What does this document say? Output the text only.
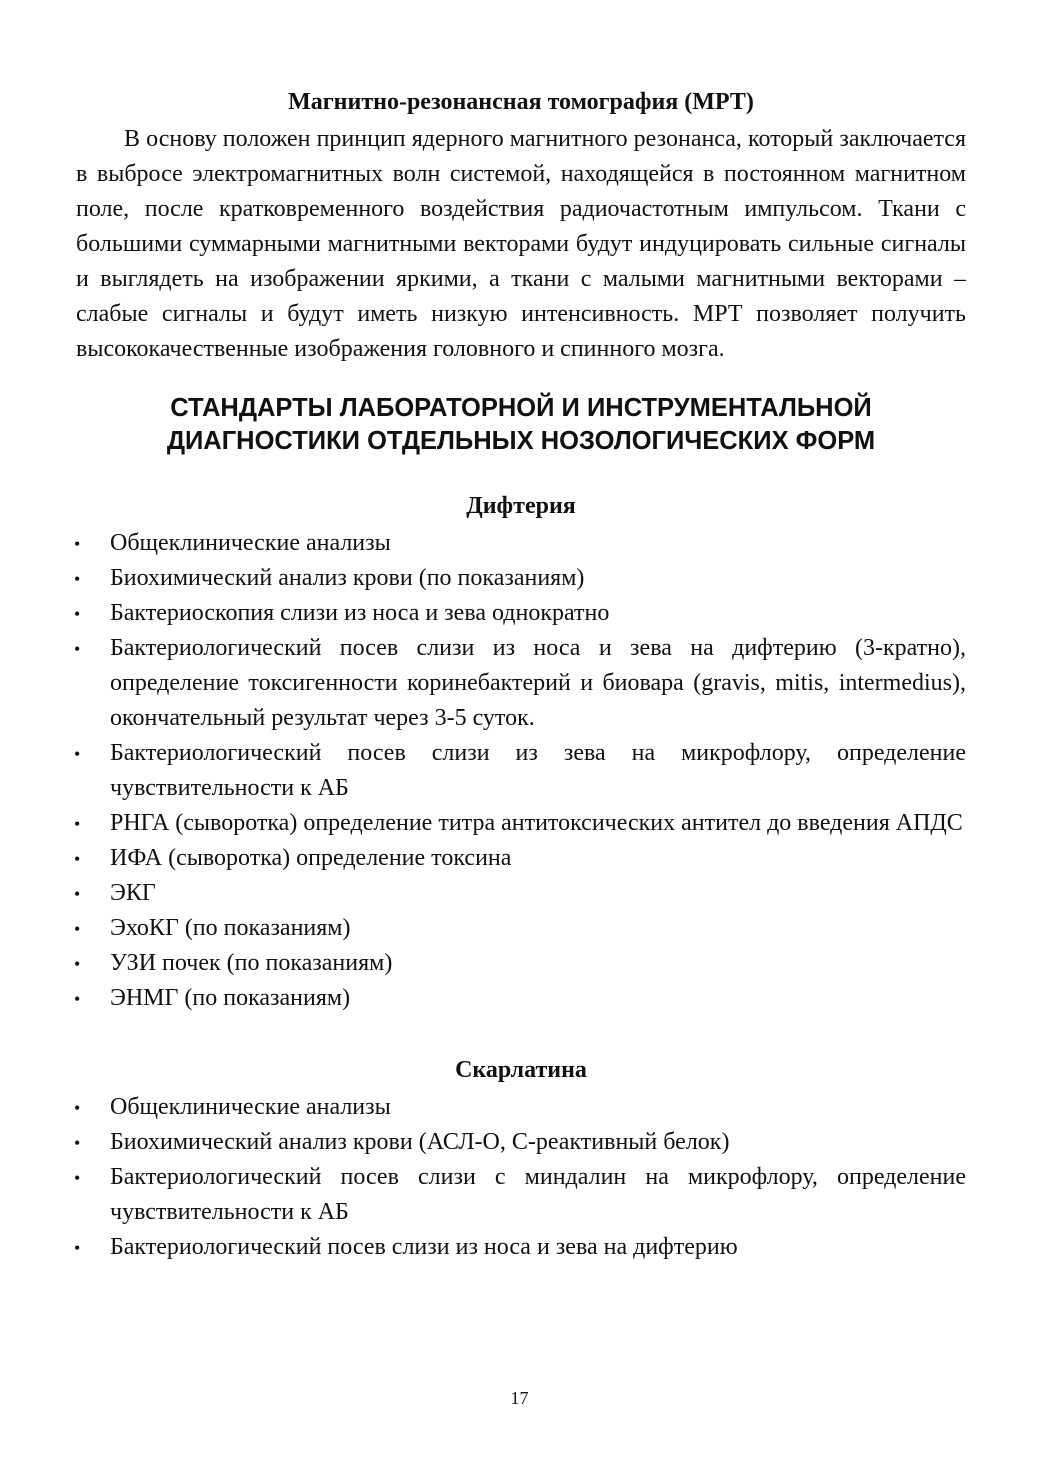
Магнитно-резонансная томография (МРТ)

В основу положен принцип ядерного магнитного резонанса, который заключается в выбросе электромагнитных волн системой, находящейся в постоянном магнитном поле, после кратковременного воздействия радиочастотным импульсом. Ткани с большими суммарными магнитными векторами будут индуцировать сильные сигналы и выглядеть на изображении яркими, а ткани с малыми магнитными векторами – слабые сигналы и будут иметь низкую интенсивность. МРТ позволяет получить высококачественные изображения головного и спинного мозга.

СТАНДАРТЫ ЛАБОРАТОРНОЙ И ИНСТРУМЕНТАЛЬНОЙ
ДИАГНОСТИКИ ОТДЕЛЬНЫХ НОЗОЛОГИЧЕСКИХ ФОРМ
Дифтерия
• Общеклинические анализы
• Биохимический анализ крови (по показаниям)
• Бактериоскопия слизи из носа и зева однократно
• Бактериологический посев слизи из носа и зева на дифтерию (3-кратно), определение токсигенности коринебактерий и биовара (gravis, mitis, intermedius), окончательный результат через 3-5 суток.
• Бактериологический посев слизи из зева на микрофлору, определение чувствительности к АБ
• РНГА (сыворотка) определение титра антитоксических антител до введения АПДС
• ИФА (сыворотка) определение токсина
• ЭКГ
• ЭхоКГ (по показаниям)
• УЗИ почек (по показаниям)
• ЭНМГ (по показаниям)
Скарлатина
• Общеклинические анализы
• Биохимический анализ крови (АСЛ-О, С-реактивный белок)
• Бактериологический посев слизи с миндалин на микрофлору, определение чувствительности к АБ
• Бактериологический посев слизи из носа и зева на дифтерию
17
